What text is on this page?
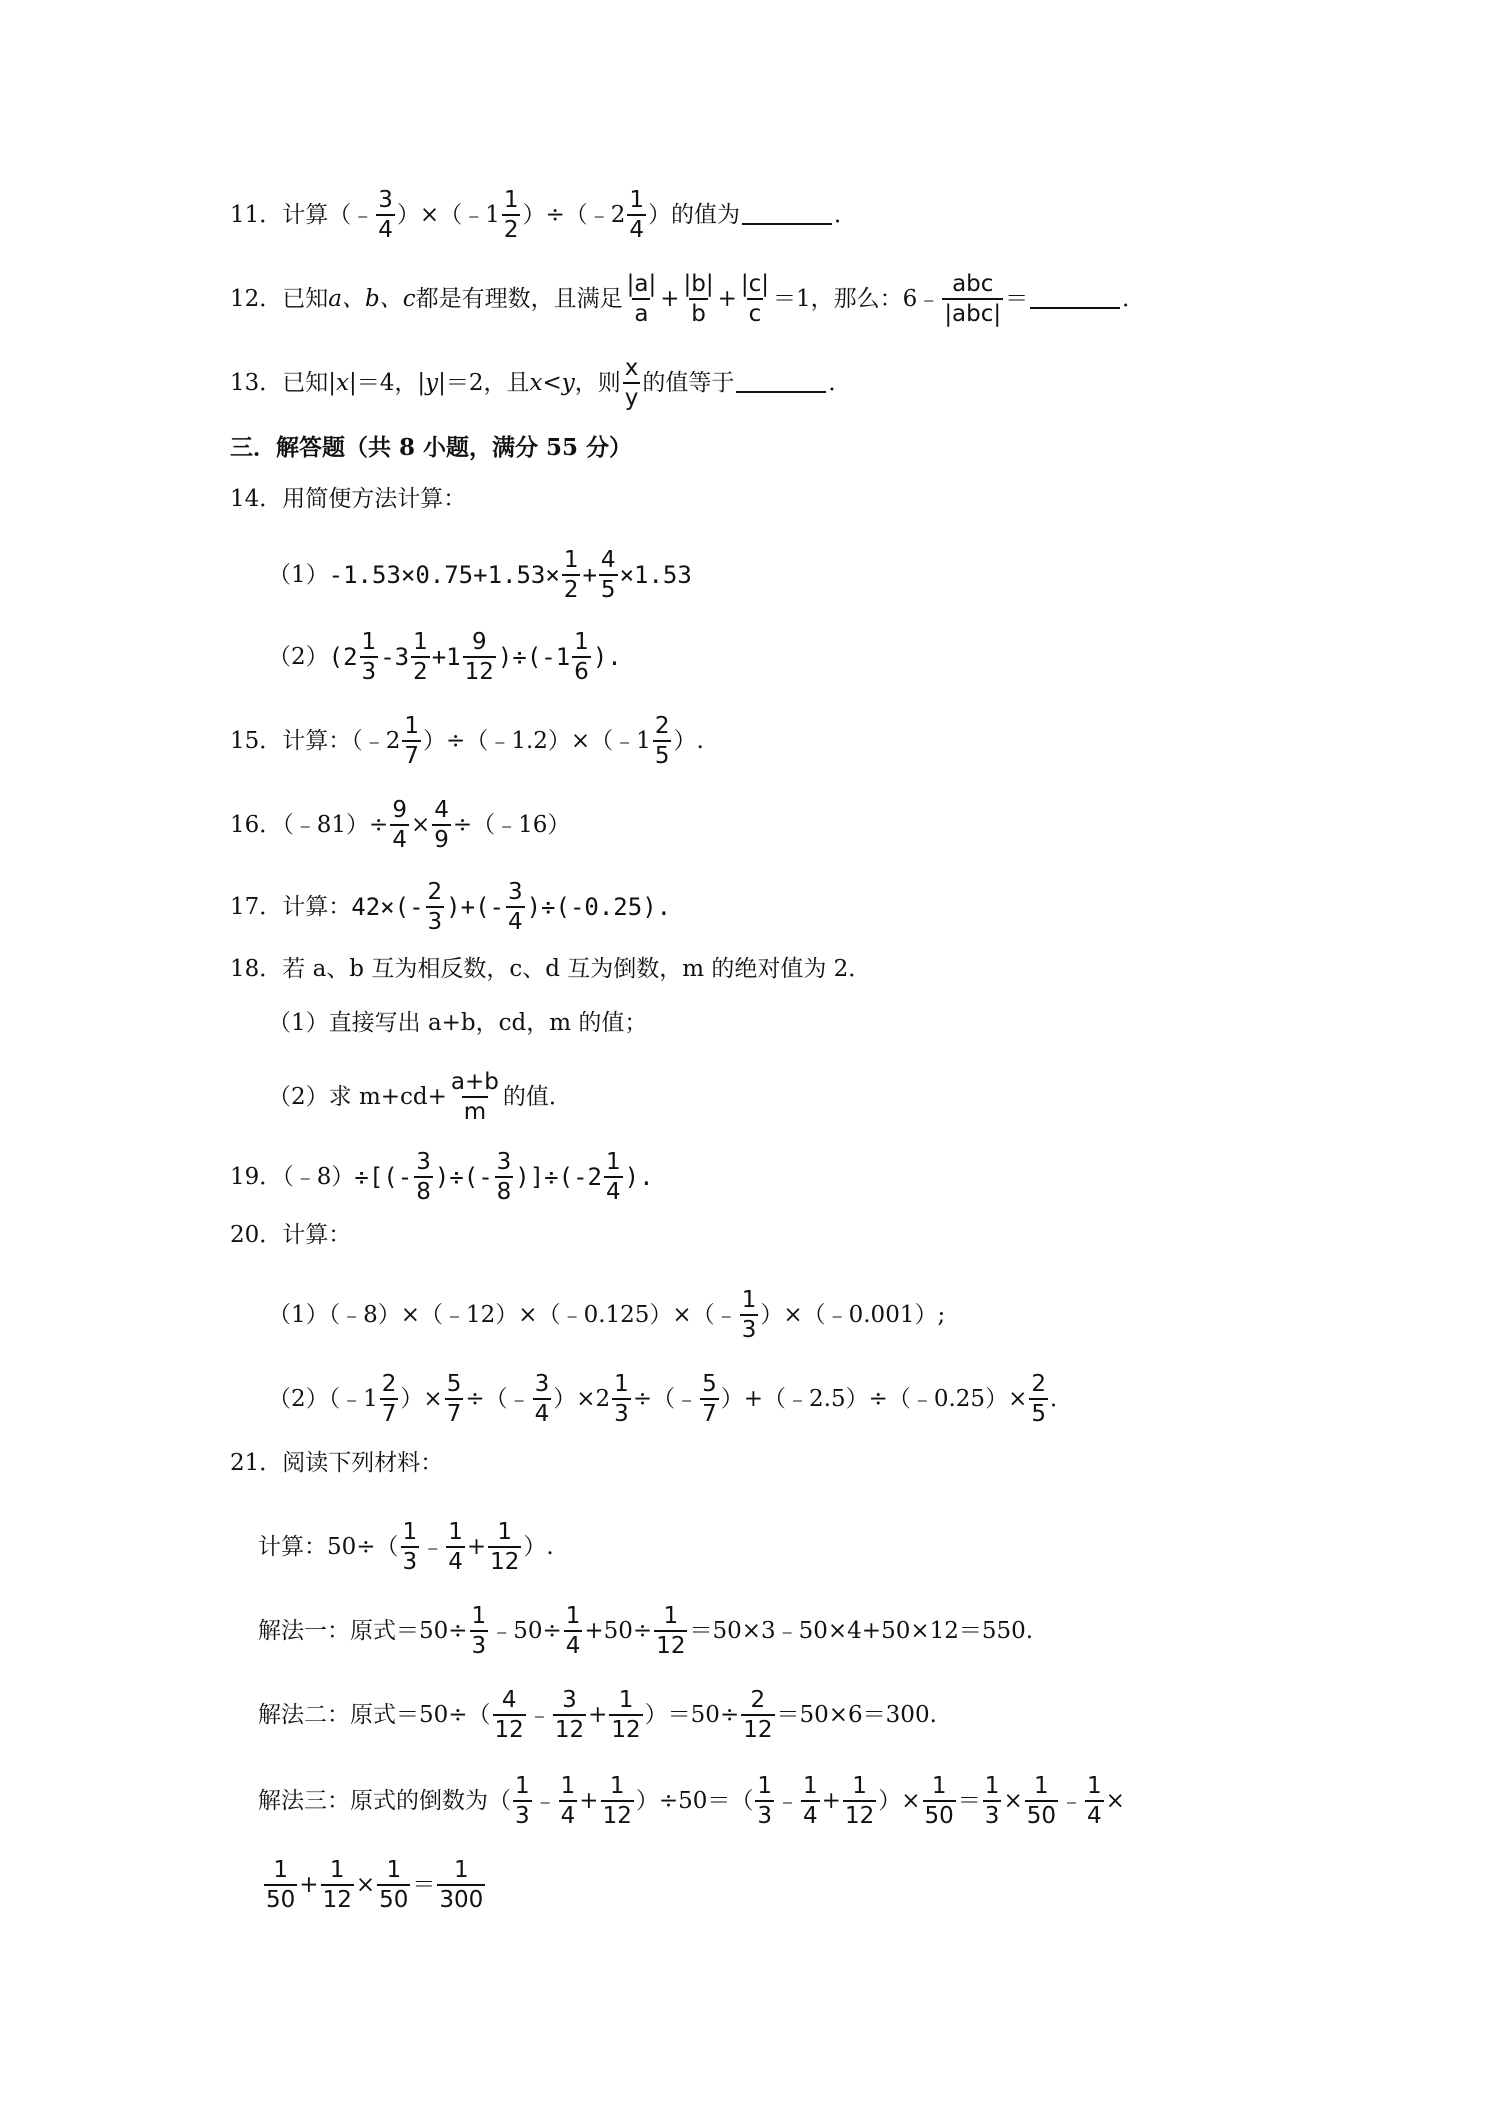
11．计算（﹣ $\frac{3}{4}$ ）×（﹣1 $\frac{1}{2}$ ）÷（﹣2 $\frac{1}{4}$ ）的值为	．
12．已知 a、b、c 都是有理数，且满足 $\frac{|a|}{a} + \frac{|b|}{b} + \frac{|c|}{c} =1$，那么：6﹣ $\frac{\text{abc}}{\text{|abc|}}$ ＝	．
13．已知| x |＝4，| y |＝2，且 x<y ，则 $\frac{x}{y}$ 的值等于	．
三．解答题（共 8 小题，满分 55 分）
14．用简便方法计算：
（1） $-1.53\times 0.75+1.53\times \frac{1}{2} + \frac{4}{5} \times 1.53$
（2） $(2 \frac{1}{3} -3 \frac{1}{2} +1 \frac{9}{12} )\div(-1 \frac{1}{6}$ ).
15．计算：（﹣2 $\frac{1}{7}$ ）÷（﹣1.2）×（﹣1 $\frac{2}{5}$ ）.
16．（﹣81）÷ $\frac{9}{4} \times \frac{4}{9}$ ÷（﹣16）
17．计算： $42\times(- \frac{2}{3}$ )+(- $\frac{3}{4} )\div(-0.25)$.
18．若 a、b 互为相反数，c、d 互为倒数，m 的绝对值为 2．
（1）直接写出 a+b，cd，m 的值；
（2）求 $m+cd+ \frac{a+b}{m}$ 的值．
19．（﹣8） ÷[(- $\frac{3}{8}$ )÷(- $\frac{3}{8} )]\div(-2 \frac{1}{4}$ ).
20．计算：
（1）（﹣8）×（﹣12）×（﹣0.125）×（﹣ $\frac{1}{3}$ ）×（﹣0.001）;
（2）（﹣1 $\frac{2}{7}$ ）× $\frac{5}{7}$ ÷（﹣ $\frac{3}{4} )\times 2 \frac{1}{3}$ ÷（﹣ $\frac{5}{7}$ ）+（﹣2.5）÷（﹣0.25）× $\frac{2}{5}$ ．
21．阅读下列材料：
计算：$50\div( \frac{1}{3}$ ﹣ $\frac{1}{4} + \frac{1}{12}$ ）.
解法一：原式$=50\div \frac{1}{3}$ ﹣50÷ $\frac{1}{4} +50\div \frac{1}{12}$ ＝50×3﹣50×4+50×12＝550.
解法二：原式$=50\div( \frac{4}{12}$ ﹣ $\frac{3}{12} + \frac{1}{12} )=50\div \frac{2}{12} =50\times 6=300$.
解法三：原式的倒数为（ $\frac{1}{3}$ ﹣ $\frac{1}{4} + \frac{1}{12} )\div 50=( \frac{1}{3}$ ﹣ $\frac{1}{4} + \frac{1}{12}$ ）× $\frac{1}{50} = \frac{1}{3} \times \frac{1}{50}$ ﹣ $\frac{1}{4}$ ×
$\frac{1}{50} + \frac{1}{12} \times \frac{1}{50} = \frac{1}{300}$
